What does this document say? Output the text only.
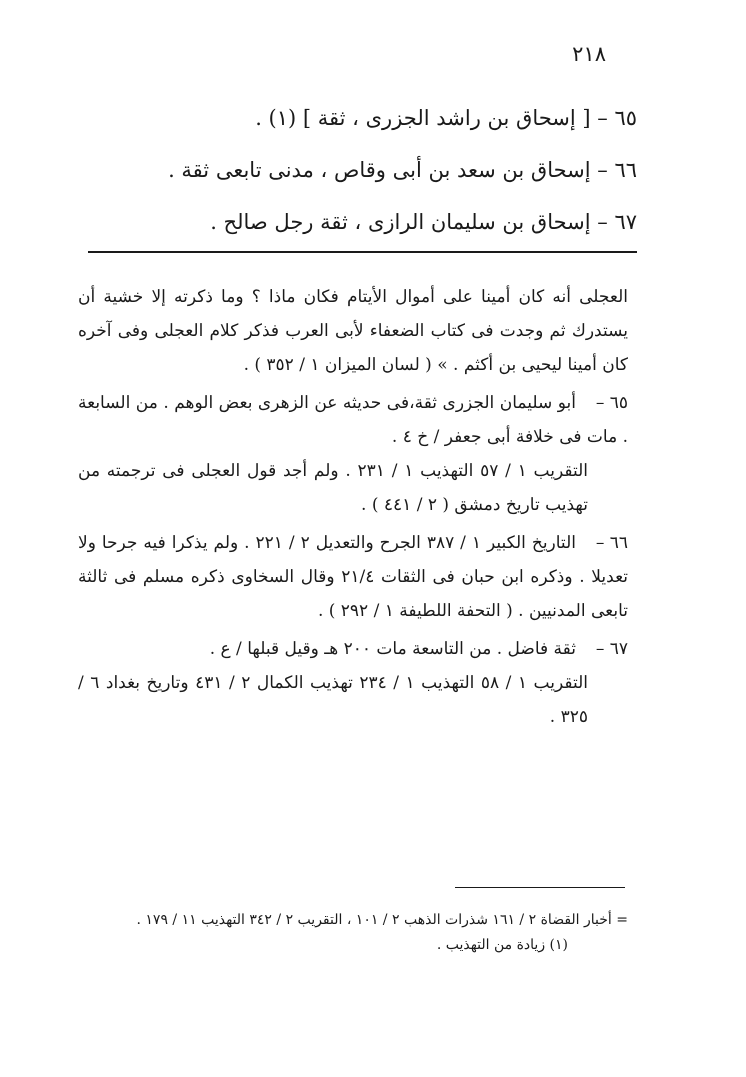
٢١٨
٦٥ – [ إسحاق بن راشد الجزرى ، ثقة ] (١) .
٦٦ – إسحاق بن سعد بن أبى وقاص ، مدنى تابعى ثقة .
٦٧ – إسحاق بن سليمان الرازى ، ثقة رجل صالح .

العجلى أنه كان أمينا على أموال الأيتام فكان ماذا ؟ وما ذكرته إلا خشية أن يستدرك ثم وجدت فى كتاب الضعفاء لأبى العرب فذكر كلام العجلى وفى آخره كان أمينا ليحيى بن أكثم . » ( لسان الميزان ١ / ٣٥٢ ) .

٦٥ –أبو سليمان الجزرى ثقة،فى حديثه عن الزهرى بعض الوهم . من السابعة . مات فى خلافة أبى جعفر / خ ٤ .
التقريب ١ / ٥٧ التهذيب ١ / ٢٣١ . ولم أجد قول العجلى فى ترجمته من تهذيب تاريخ دمشق ( ٢ / ٤٤١ ) .
٦٦ –التاريخ الكبير ١ / ٣٨٧ الجرح والتعديل ٢ / ٢٢١ . ولم يذكرا فيه جرحا ولا تعديلا . وذكره ابن حبان فى الثقات ٢١/٤ وقال السخاوى ذكره مسلم فى ثالثة تابعى المدنيين . ( التحفة اللطيفة ١ / ٢٩٢ ) .
٦٧ –ثقة فاضل . من التاسعة مات ٢٠٠ هـ وقيل قبلها / ع .
التقريب ١ / ٥٨ التهذيب ١ / ٢٣٤ تهذيب الكمال ٢ / ٤٣١ وتاريخ بغداد ٦ / ٣٢٥ .
= أخبار القضاة ٢ / ١٦١ شذرات الذهب ٢ / ١٠١ ، التقريب ٢ / ٣٤٢ التهذيب ١١ / ١٧٩ .
(١) زيادة من التهذيب .
